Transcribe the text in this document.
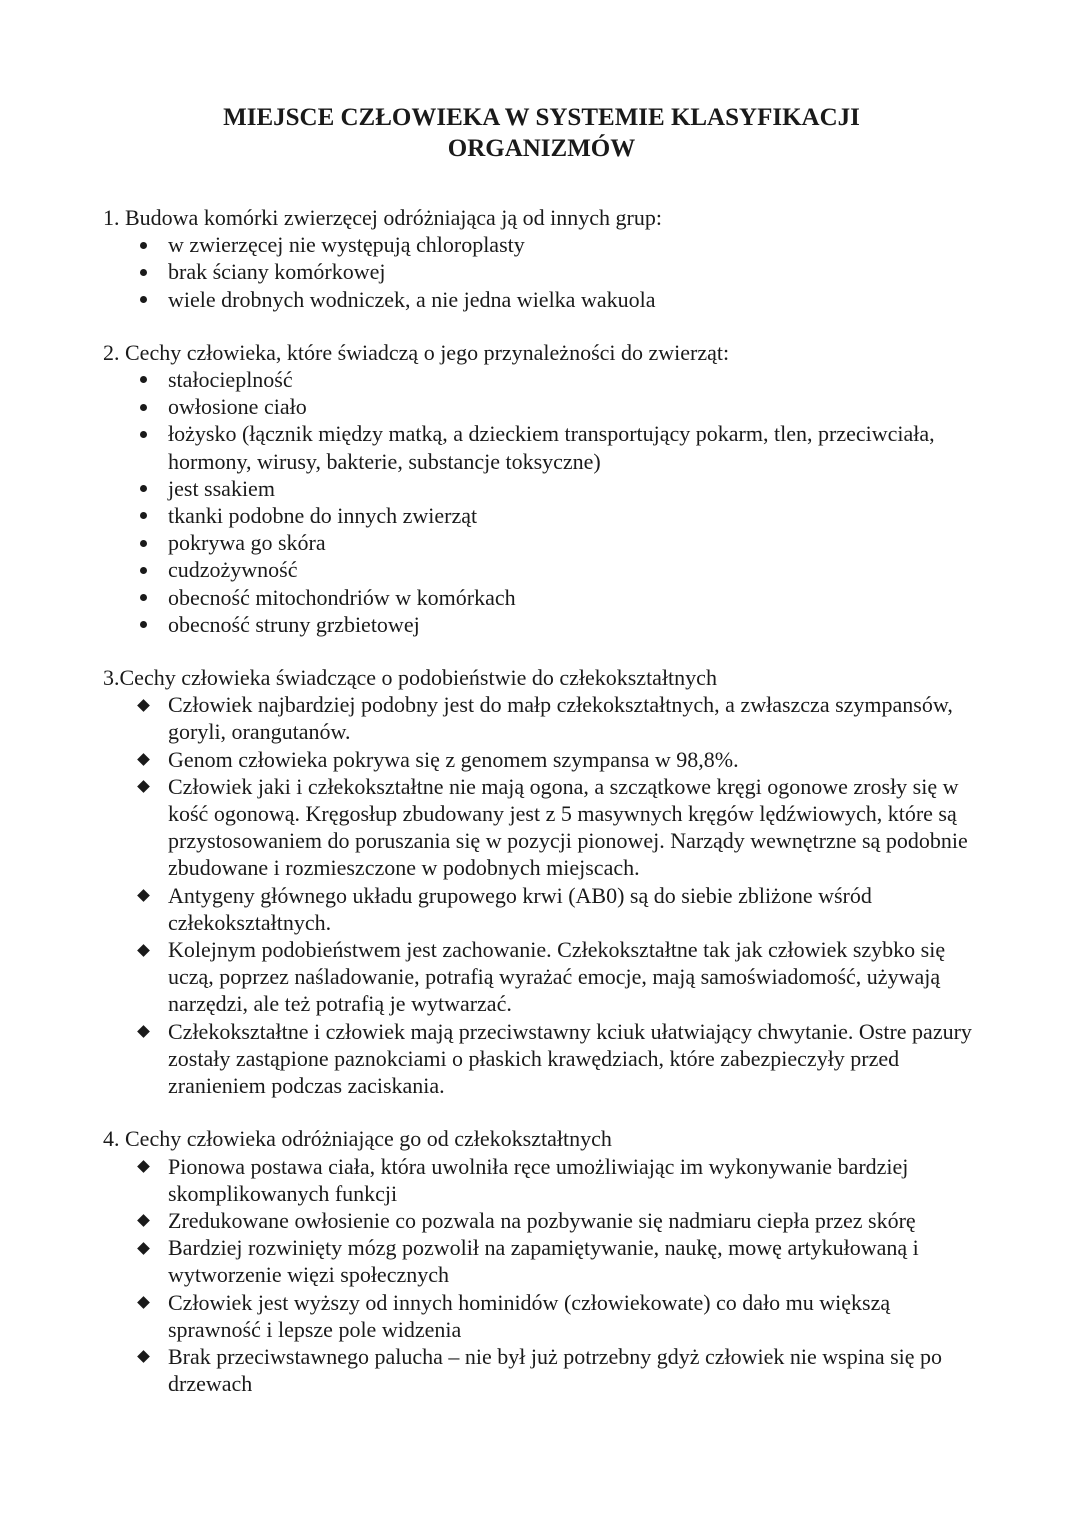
MIEJSCE CZŁOWIEKA W SYSTEMIE KLASYFIKACJI
ORGANIZMÓW

1. Budowa komórki zwierzęcej odróżniająca ją od innych grup:

w zwierzęcej nie występują chloroplasty
brak ściany komórkowej
wiele drobnych wodniczek, a nie jedna wielka wakuola

2. Cechy człowieka, które świadczą o jego przynależności do zwierząt:

stałocieplność
owłosione ciało
łożysko (łącznik między matką, a dzieckiem transportujący pokarm, tlen, przeciwciała, hormony, wirusy, bakterie, substancje toksyczne)
jest ssakiem
tkanki podobne do innych zwierząt
pokrywa go skóra
cudzożywność
obecność mitochondriów w komórkach
obecność struny grzbietowej

3.Cechy człowieka świadczące o podobieństwie do człekokształtnych

Człowiek najbardziej podobny jest do małp człekokształtnych, a zwłaszcza szympansów, goryli, orangutanów.
Genom człowieka pokrywa się z genomem szympansa w 98,8%.
Człowiek jaki i człekokształtne nie mają ogona, a szczątkowe kręgi ogonowe zrosły się w kość ogonową. Kręgosłup zbudowany jest z 5 masywnych kręgów lędźwiowych, które są przystosowaniem do poruszania się w pozycji pionowej. Narządy wewnętrzne są podobnie zbudowane i rozmieszczone w podobnych miejscach.
Antygeny głównego układu grupowego krwi (AB0) są do siebie zbliżone wśród człekokształtnych.
Kolejnym podobieństwem jest zachowanie. Człekokształtne tak jak człowiek szybko się uczą, poprzez naśladowanie, potrafią wyrażać emocje, mają samoświadomość, używają narzędzi, ale też potrafią je wytwarzać.
Człekokształtne i człowiek mają przeciwstawny kciuk ułatwiający chwytanie. Ostre pazury zostały zastąpione paznokciami o płaskich krawędziach, które zabezpieczyły przed zranieniem podczas zaciskania.

4. Cechy człowieka odróżniające go od człekokształtnych

Pionowa postawa ciała, która uwolniła ręce umożliwiając im wykonywanie bardziej skomplikowanych funkcji
Zredukowane owłosienie co pozwala na pozbywanie się nadmiaru ciepła przez skórę
Bardziej rozwinięty mózg pozwolił na zapamiętywanie, naukę, mowę artykułowaną i wytworzenie więzi społecznych
Człowiek jest wyższy od innych hominidów (człowiekowate) co dało mu większą sprawność i lepsze pole widzenia
Brak przeciwstawnego palucha – nie był już potrzebny gdyż człowiek nie wspina się po drzewach
